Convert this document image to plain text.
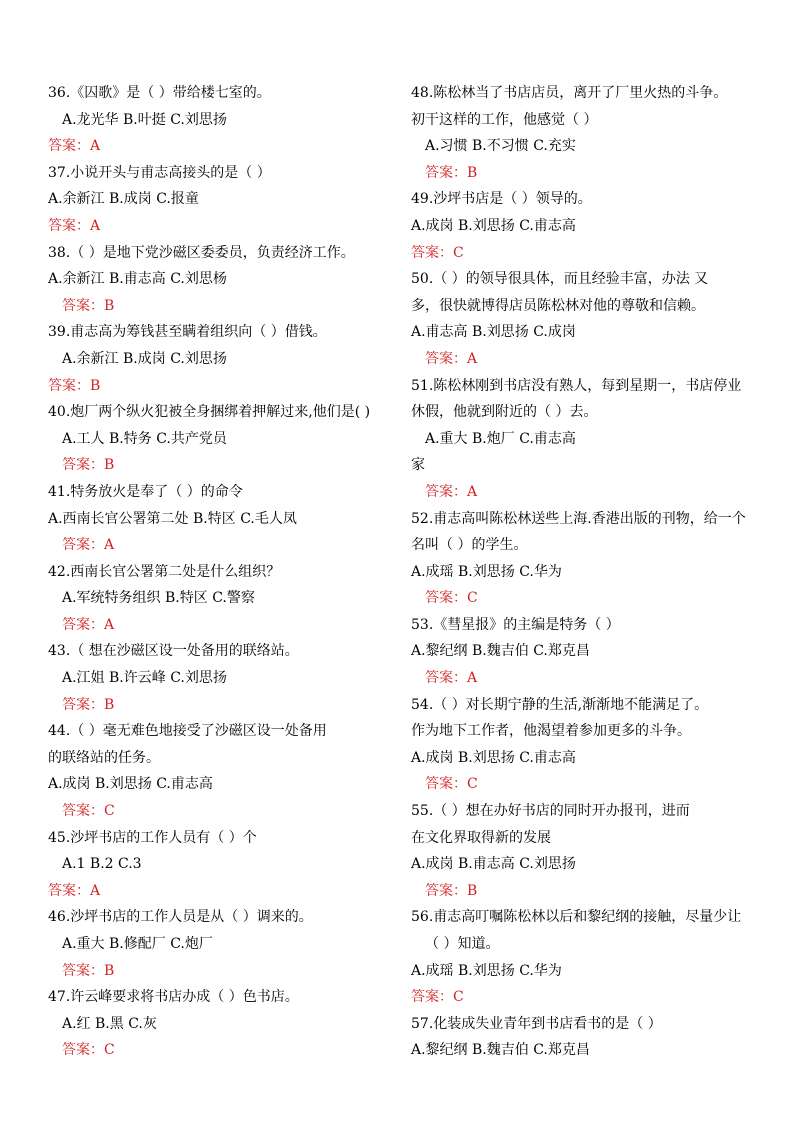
36.《囚歌》是（ ）带给楼七室的。
A.龙光华 B.叶挺 C.刘思扬
答案：A
37.小说开头与甫志高接头的是（ ）
A.余新江 B.成岗 C.报童
答案：A
38.（ ）是地下党沙磁区委委员，负责经济工作。
A.余新江 B.甫志高 C.刘思杨
答案：B
39.甫志高为筹钱甚至瞒着组织向（ ）借钱。
A.余新江 B.成岗 C.刘思扬
答案：B
40.炮厂两个纵火犯被全身捆绑着押解过来,他们是( )
A.工人 B.特务 C.共产党员
答案：B
41.特务放火是奉了（ ）的命令
A.西南长官公署第二处 B.特区 C.毛人凤
答案：A
42.西南长官公署第二处是什么组织？
A.军统特务组织 B.特区 C.警察
答案：A
43.（ 想在沙磁区设一处备用的联络站。
A.江姐 B.许云峰 C.刘思扬
答案：B
44.（ ）毫无难色地接受了沙磁区设一处备用
的联络站的任务。
A.成岗 B.刘思扬 C.甫志高
答案：C
45.沙坪书店的工作人员有（ ）个
A.1 B.2 C.3
答案：A
46.沙坪书店的工作人员是从（ ）调来的。
A.重大 B.修配厂 C.炮厂
答案：B
47.许云峰要求将书店办成（ ）色书店。
A.红 B.黑 C.灰
答案：C
48.陈松林当了书店店员，离开了厂里火热的斗争。
初干这样的工作，他感觉（ ）
A.习惯 B.不习惯 C.充实
答案：B
49.沙坪书店是（ ）领导的。
A.成岗 B.刘思扬 C.甫志高
答案：C
50.（ ）的领导很具体，而且经验丰富，办法 又
多，很快就博得店员陈松林对他的尊敬和信赖。
A.甫志高 B.刘思扬 C.成岗
答案：A
51.陈松林刚到书店没有熟人，每到星期一，书店停业
休假，他就到附近的（ ）去。
A.重大 B.炮厂 C.甫志高
家
答案：A
52.甫志高叫陈松林送些上海.香港出版的刊物，给一个
名叫（ ）的学生。
A.成瑶 B.刘思扬 C.华为
答案：C
53.《彗星报》的主编是特务（ ）
A.黎纪纲 B.魏吉伯 C.郑克昌
答案：A
54.（ ）对长期宁静的生活,渐渐地不能满足了。
作为地下工作者，他渴望着参加更多的斗争。
A.成岗 B.刘思扬 C.甫志高
答案：C
55.（ ）想在办好书店的同时开办报刊，进而
在文化界取得新的发展
A.成岗 B.甫志高 C.刘思扬
答案：B
56.甫志高叮嘱陈松林以后和黎纪纲的接触，尽量少让
（ ）知道。
A.成瑶 B.刘思扬 C.华为
答案：C
57.化装成失业青年到书店看书的是（ ）
A.黎纪纲 B.魏吉伯 C.郑克昌
